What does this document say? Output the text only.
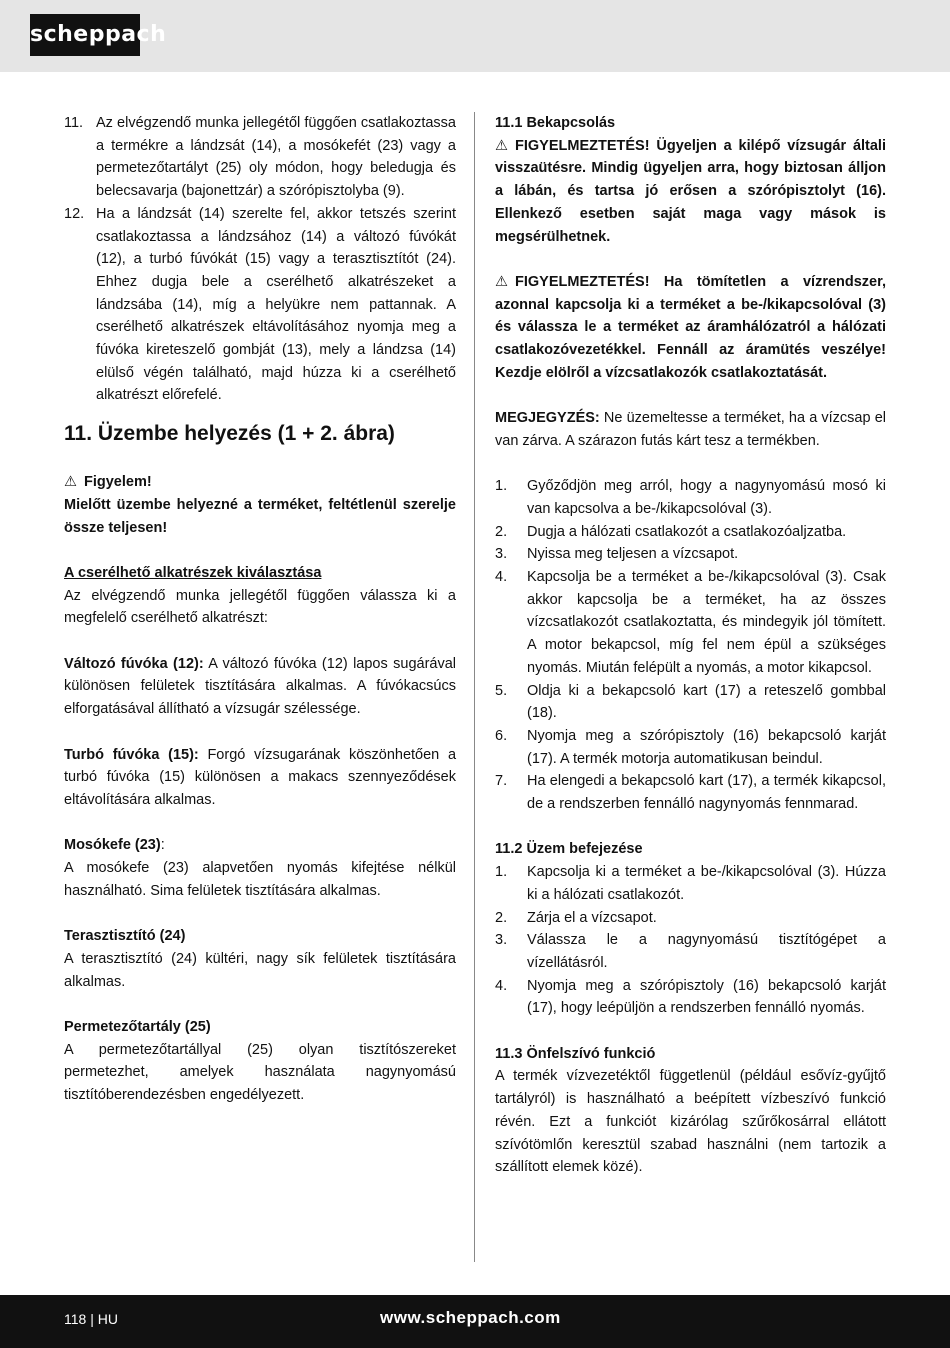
scheppach
11. Az elvégzendő munka jellegétől függően csatlakoztassa a termékre a lándzsát (14), a mosókefét (23) vagy a permetezőtartályt (25) oly módon, hogy beledugja és belecsavarja (bajonettzár) a szórópisztolyba (9).
12. Ha a lándzsát (14) szerelte fel, akkor tetszés szerint csatlakoztassa a lándzsához (14) a változó fúvókát (12), a turbó fúvókát (15) vagy a terasztisztítót (24). Ehhez dugja bele a cserélhető alkatrészeket a lándzsába (14), míg a helyükre nem pattannak. A cserélhető alkatrészek eltávolításához nyomja meg a fúvóka kireteszelő gombját (13), mely a lándzsa (14) elülső végén található, majd húzza ki a cserélhető alkatrészt előrefelé.
11. Üzembe helyezés (1 + 2. ábra)

⚠ Figyelem!

Mielőtt üzembe helyezné a terméket, feltétlenül szerelje össze teljesen!

A cserélhető alkatrészek kiválasztása

Az elvégzendő munka jellegétől függően válassza ki a megfelelő cserélhető alkatrészt:

Változó fúvóka (12): A változó fúvóka (12) lapos sugárával különösen felületek tisztítására alkalmas. A fúvókacsúcs elforgatásával állítható a vízsugár szélessége.

Turbó fúvóka (15): Forgó vízsugarának köszönhetően a turbó fúvóka (15) különösen a makacs szennyeződések eltávolítására alkalmas.

Mosókefe (23):

A mosókefe (23) alapvetően nyomás kifejtése nélkül használható. Sima felületek tisztítására alkalmas.

Terasztisztító (24)

A terasztisztító (24) kültéri, nagy sík felületek tisztítására alkalmas.

Permetezőtartály (25)

A permetezőtartállyal (25) olyan tisztítószereket permetezhet, amelyek használata nagynyomású tisztítóberendezésben engedélyezett.

11.1 Bekapcsolás

⚠ FIGYELMEZTETÉS! Ügyeljen a kilépő vízsugár általi visszaütésre. Mindig ügyeljen arra, hogy biztosan álljon a lábán, és tartsa jó erősen a szórópisztolyt (16). Ellenkező esetben saját maga vagy mások is megsérülhetnek.

⚠ FIGYELMEZTETÉS! Ha tömítetlen a vízrendszer, azonnal kapcsolja ki a terméket a be-/kikapcsolóval (3) és válassza le a terméket az áramhálózatról a hálózati csatlakozóvezetékkel. Fennáll az áramütés veszélye! Kezdje elölről a vízcsatlakozók csatlakoztatását.

MEGJEGYZÉS: Ne üzemeltesse a terméket, ha a vízcsap el van zárva. A szárazon futás kárt tesz a termékben.

1. Győződjön meg arról, hogy a nagynyomású mosó ki van kapcsolva a be-/kikapcsolóval (3).
2. Dugja a hálózati csatlakozót a csatlakozóaljzatba.
3. Nyissa meg teljesen a vízcsapot.
4. Kapcsolja be a terméket a be-/kikapcsolóval (3). Csak akkor kapcsolja be a terméket, ha az összes vízcsatlakozót csatlakoztatta, és mindegyik jól tömített. A motor bekapcsol, míg fel nem épül a szükséges nyomás. Miután felépült a nyomás, a motor kikapcsol.
5. Oldja ki a bekapcsoló kart (17) a reteszelő gombbal (18).
6. Nyomja meg a szórópisztoly (16) bekapcsoló karját (17). A termék motorja automatikusan beindul.
7. Ha elengedi a bekapcsoló kart (17), a termék kikapcsol, de a rendszerben fennálló nagynyomás fennmarad.

11.2 Üzem befejezése

1. Kapcsolja ki a terméket a be-/kikapcsolóval (3). Húzza ki a hálózati csatlakozót.
2. Zárja el a vízcsapot.
3. Válassza le a nagynyomású tisztítógépet a vízellátásról.
4. Nyomja meg a szórópisztoly (16) bekapcsoló karját (17), hogy leépüljön a rendszerben fennálló nyomás.

11.3 Önfelszívó funkció

A termék vízvezetéktől függetlenül (például esővíz-gyűjtő tartályról) is használható a beépített vízbeszívó funkció révén. Ezt a funkciót kizárólag szűrőkosárral ellátott szívótömlőn keresztül szabad használni (nem tartozik a szállított elemek közé).

118 | HU	www.scheppach.com
